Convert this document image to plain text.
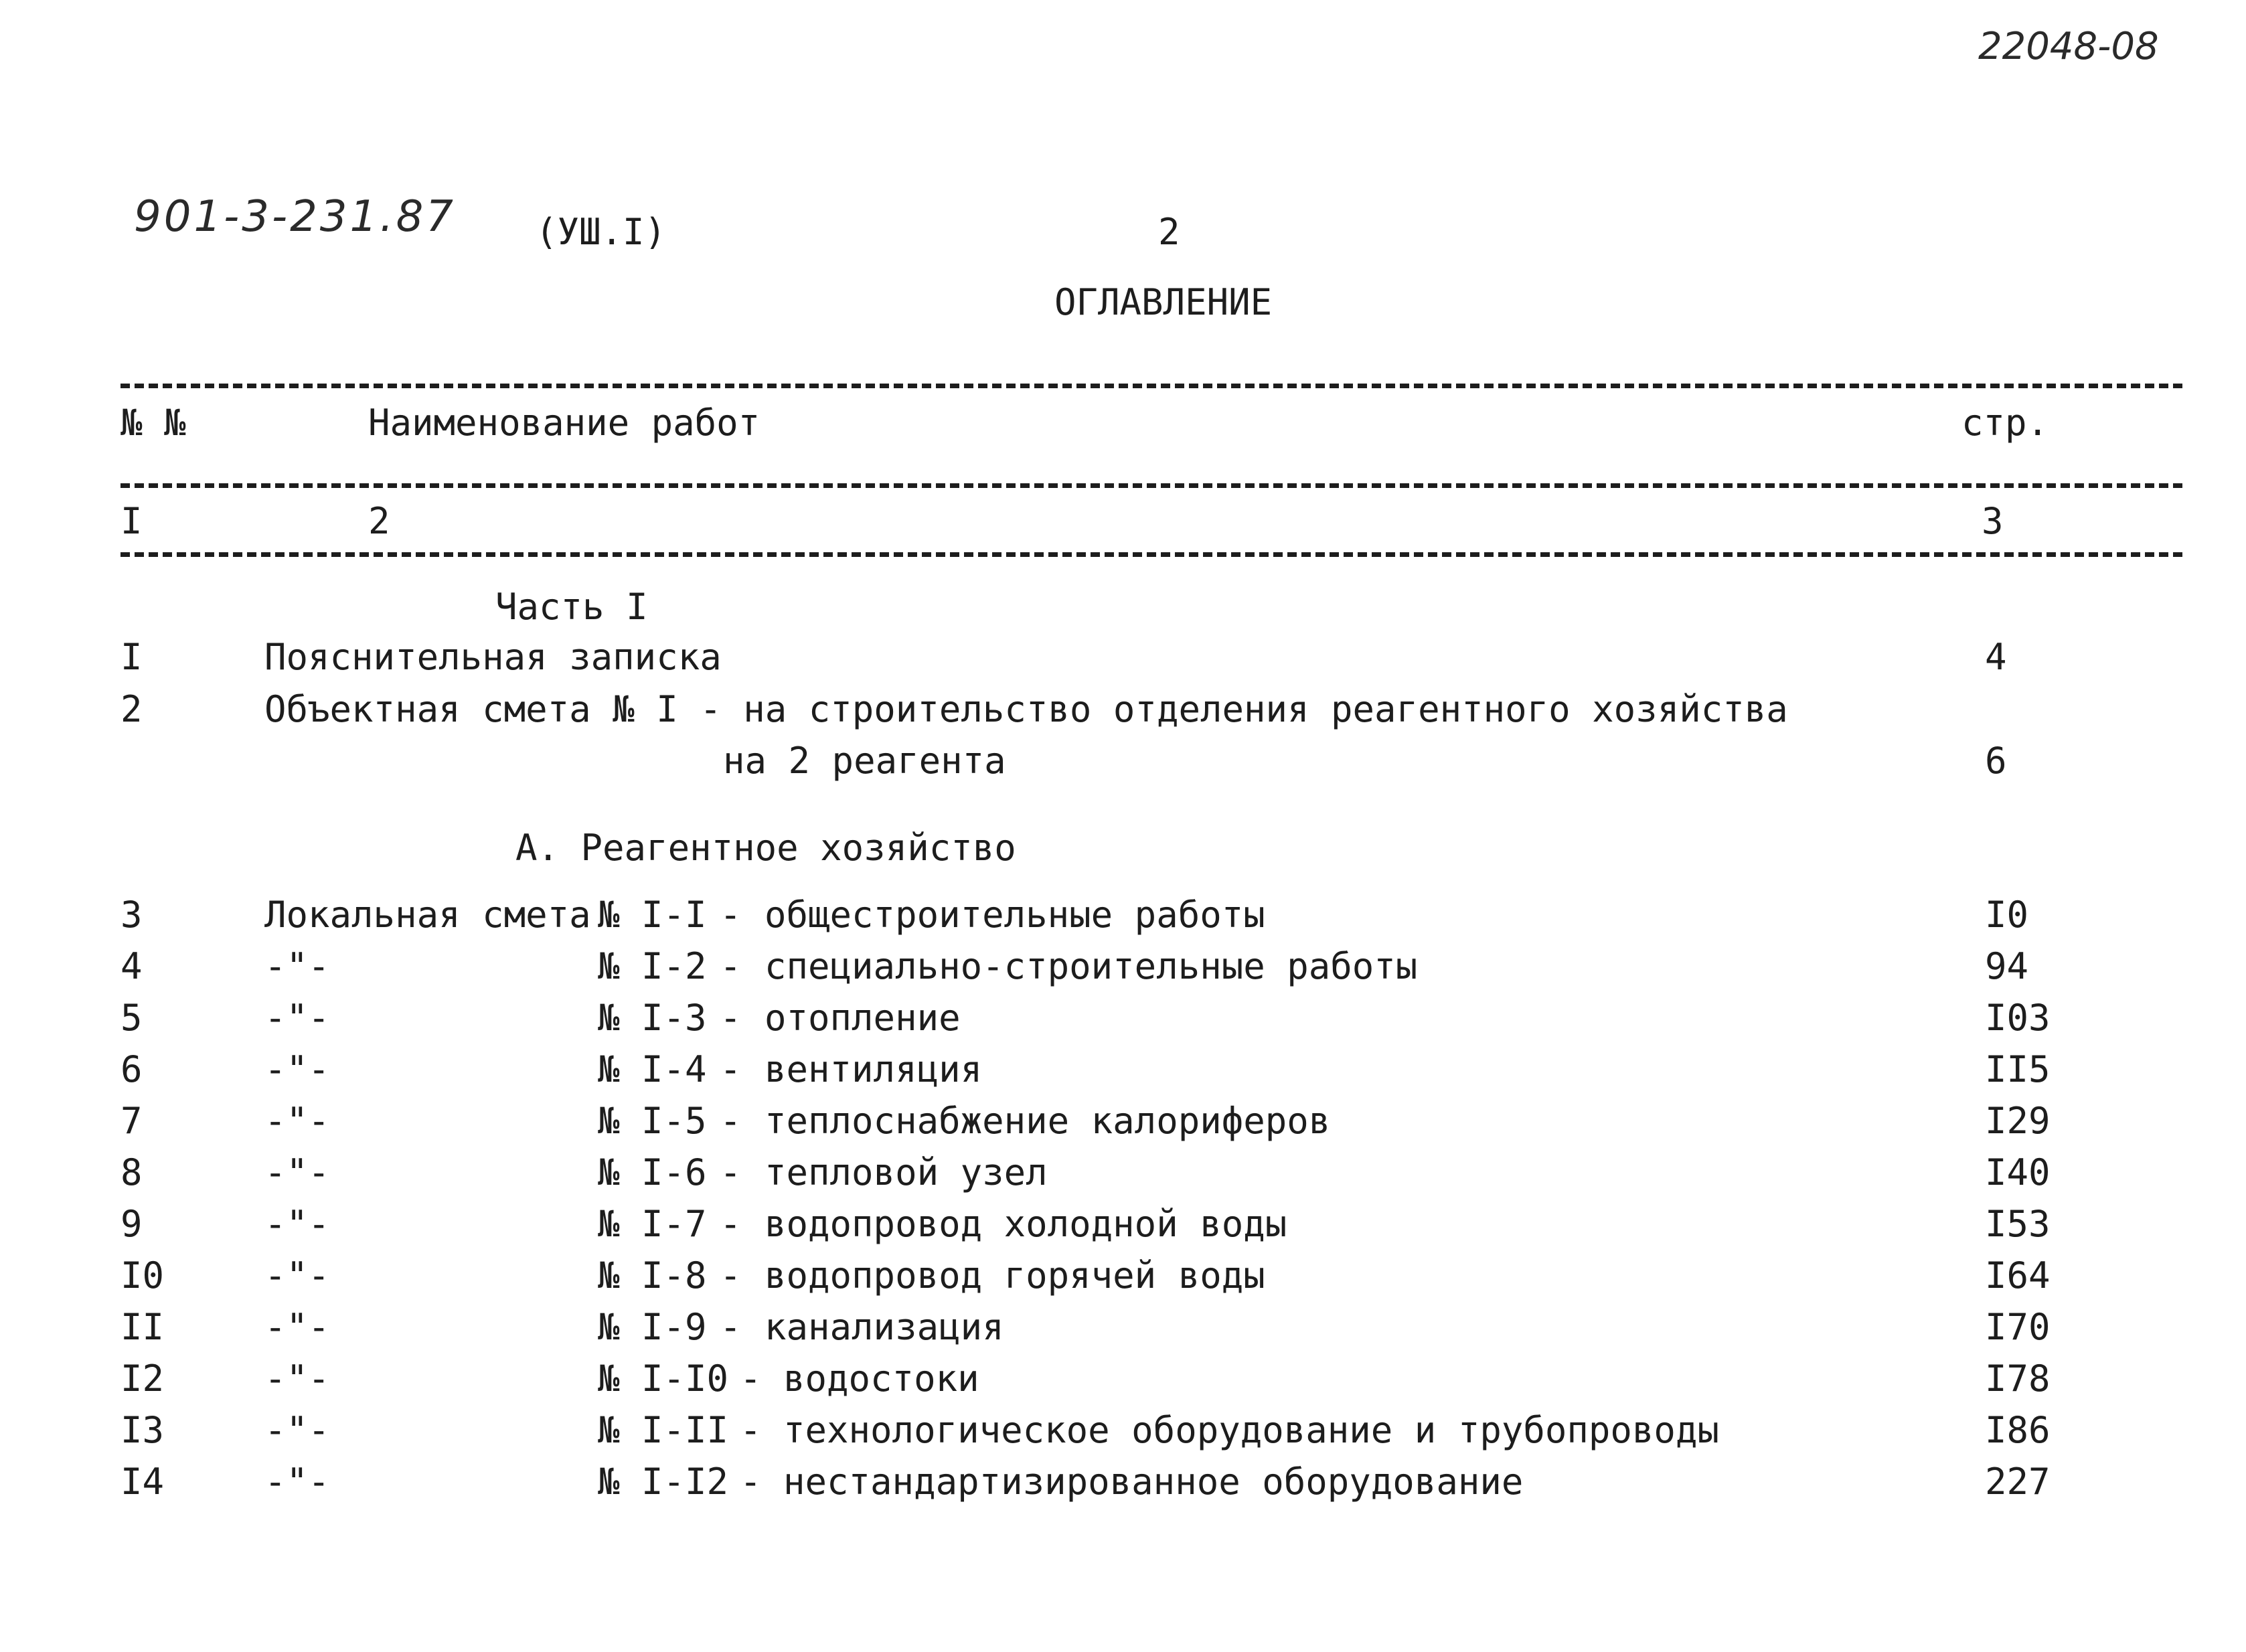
22048-08
901-3-231.87 (УШ.I)	2
ОГЛАВЛЕНИЕ
№ №	Наименование работ	стр.
I	2	3
Часть I
I	Пояснительная записка	4
2	Объектная смета № I - на строительство отделения реагентного хозяйства
на 2 реагента	6
А. Реагентное хозяйство
3	Локальная смета № I-I - общестроительные работы	I0
4	-"-	№ I-2 - специально-строительные работы	94
5	-"-	№ I-3 - отопление	I03
6	-"-	№ I-4 - вентиляция	II5
7	-"-	№ I-5 - теплоснабжение калориферов	I29
8	-"-	№ I-6 - тепловой узел	I40
9	-"-	№ I-7 - водопровод холодной воды	I53
I0	-"-	№ I-8 - водопровод горячей воды	I64
II	-"-	№ I-9 - канализация	I70
I2	-"-	№ I-I0 - водостоки	I78
I3	-"-	№ I-II - технологическое оборудование и трубопроводы	I86
I4	-"-	№ I-I2 - нестандартизированное оборудование	227
